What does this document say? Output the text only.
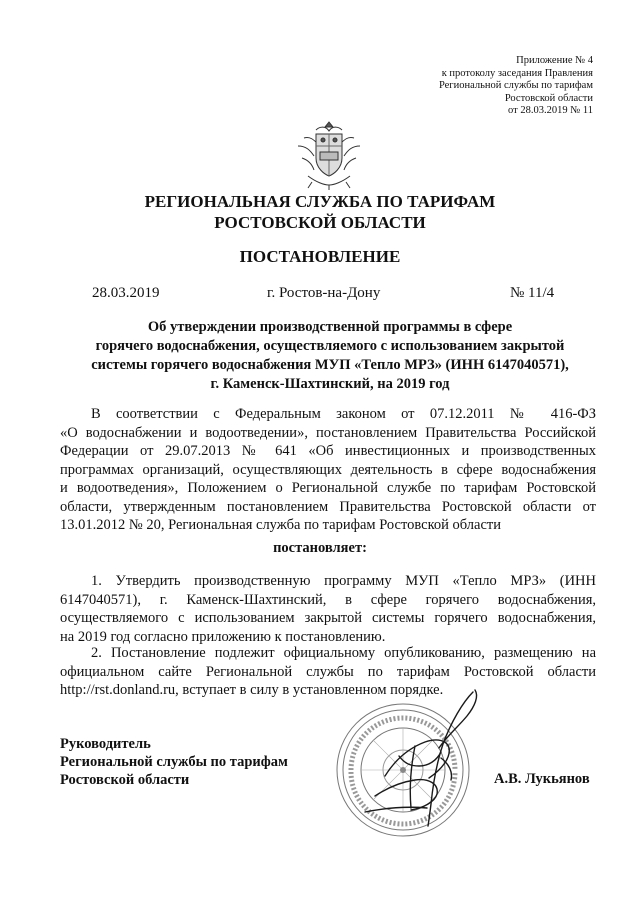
Приложение № 4
к протоколу заседания Правления
Региональной службы по тарифам
Ростовской области
от 28.03.2019 № 11
РЕГИОНАЛЬНАЯ СЛУЖБА ПО ТАРИФАМ
РОСТОВСКОЙ ОБЛАСТИ
ПОСТАНОВЛЕНИЕ
28.03.2019	г. Ростов-на-Дону	№ 11/4
Об утверждении производственной программы в сфере
горячего водоснабжения, осуществляемого с использованием закрытой
системы горячего водоснабжения МУП «Тепло МРЗ» (ИНН 6147040571),
г. Каменск-Шахтинский, на 2019 год
В соответствии с Федеральным законом от 07.12.2011 № 416-ФЗ
«О водоснабжении и водоотведении», постановлением Правительства Российской
Федерации от 29.07.2013 № 641 «Об инвестиционных и производственных
программах организаций, осуществляющих деятельность в сфере водоснабжения
и водоотведения», Положением о Региональной службе по тарифам Ростовской
области, утвержденным постановлением Правительства Ростовской области от
13.01.2012 № 20, Региональная служба по тарифам Ростовской области
постановляет:
1. Утвердить производственную программу МУП «Тепло МРЗ» (ИНН
6147040571), г. Каменск-Шахтинский, в сфере горячего водоснабжения,
осуществляемого с использованием закрытой системы горячего водоснабжения,
на 2019 год согласно приложению к постановлению.
2. Постановление подлежит официальному опубликованию, размещению на
официальном сайте Региональной службы по тарифам Ростовской области
http://rst.donland.ru, вступает в силу в установленном порядке.
Руководитель
Региональной службы по тарифам
Ростовской области	А.В. Лукьянов
